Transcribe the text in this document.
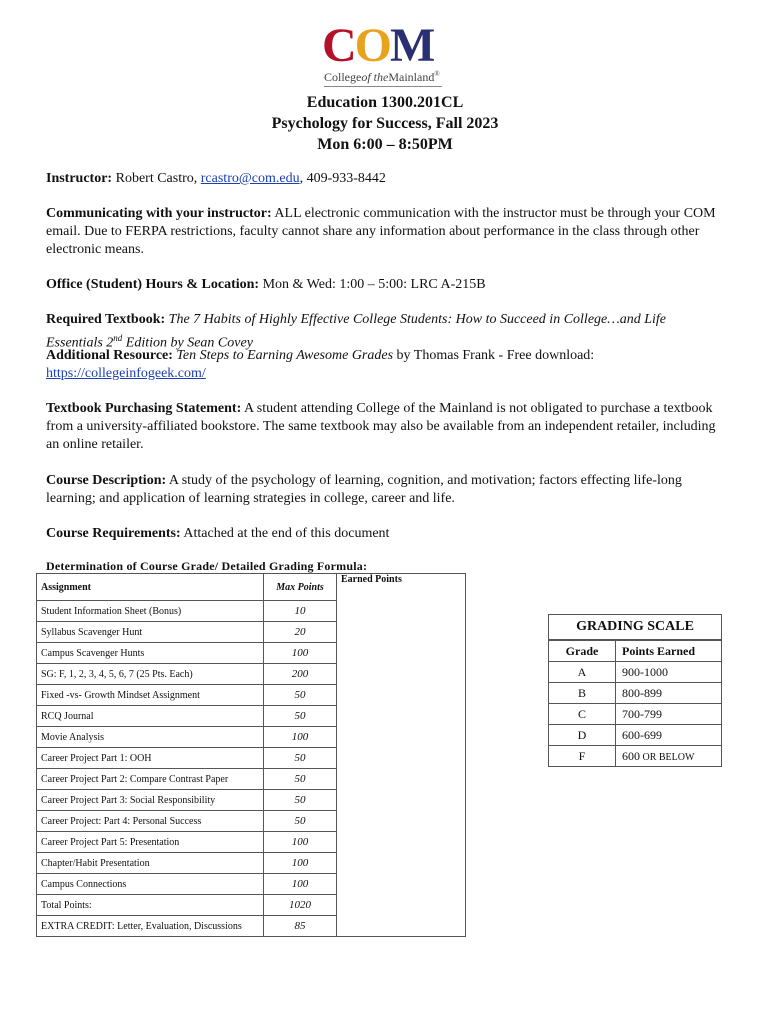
COM
Collegeof theMainland®
Education 1300.201CL
Psychology for Success, Fall 2023
Mon 6:00 – 8:50PM
Instructor: Robert Castro, rcastro@com.edu, 409-933-8442
Communicating with your instructor: ALL electronic communication with the instructor must be through your COM email. Due to FERPA restrictions, faculty cannot share any information about performance in the class through other electronic means.
Office (Student) Hours & Location: Mon & Wed: 1:00 – 5:00: LRC A-215B
Required Textbook: The 7 Habits of Highly Effective College Students: How to Succeed in College…and Life Essentials 2nd Edition by Sean Covey
Additional Resource: Ten Steps to Earning Awesome Grades by Thomas Frank - Free download:
https://collegeinfogeek.com/
Textbook Purchasing Statement: A student attending College of the Mainland is not obligated to purchase a textbook from a university-affiliated bookstore. The same textbook may also be available from an independent retailer, including an online retailer.
Course Description: A study of the psychology of learning, cognition, and motivation; factors effecting life-long learning; and application of learning strategies in college, career and life.
Course Requirements: Attached at the end of this document
Determination of Course Grade/ Detailed Grading Formula:
Assignment	Max Points	Earned Points
Student Information Sheet (Bonus)	10	
Syllabus Scavenger Hunt	20	
Campus Scavenger Hunts	100	
SG: F, 1, 2, 3, 4, 5, 6, 7 (25 Pts. Each)	200	
Fixed -vs- Growth Mindset Assignment	50	
RCQ Journal	50	
Movie Analysis	100	
Career Project Part 1: OOH	50	
Career Project Part 2: Compare Contrast Paper	50	
Career Project Part 3: Social Responsibility	50	
Career Project: Part 4: Personal Success	50	
Career Project Part 5: Presentation	100	
Chapter/Habit Presentation	100	
Campus Connections	100	
Total Points:	1020	
EXTRA CREDIT: Letter, Evaluation, Discussions	85	
GRADING SCALE
Grade	Points Earned
A	900-1000
B	800-899
C	700-799
D	600-699
F	600 OR BELOW
